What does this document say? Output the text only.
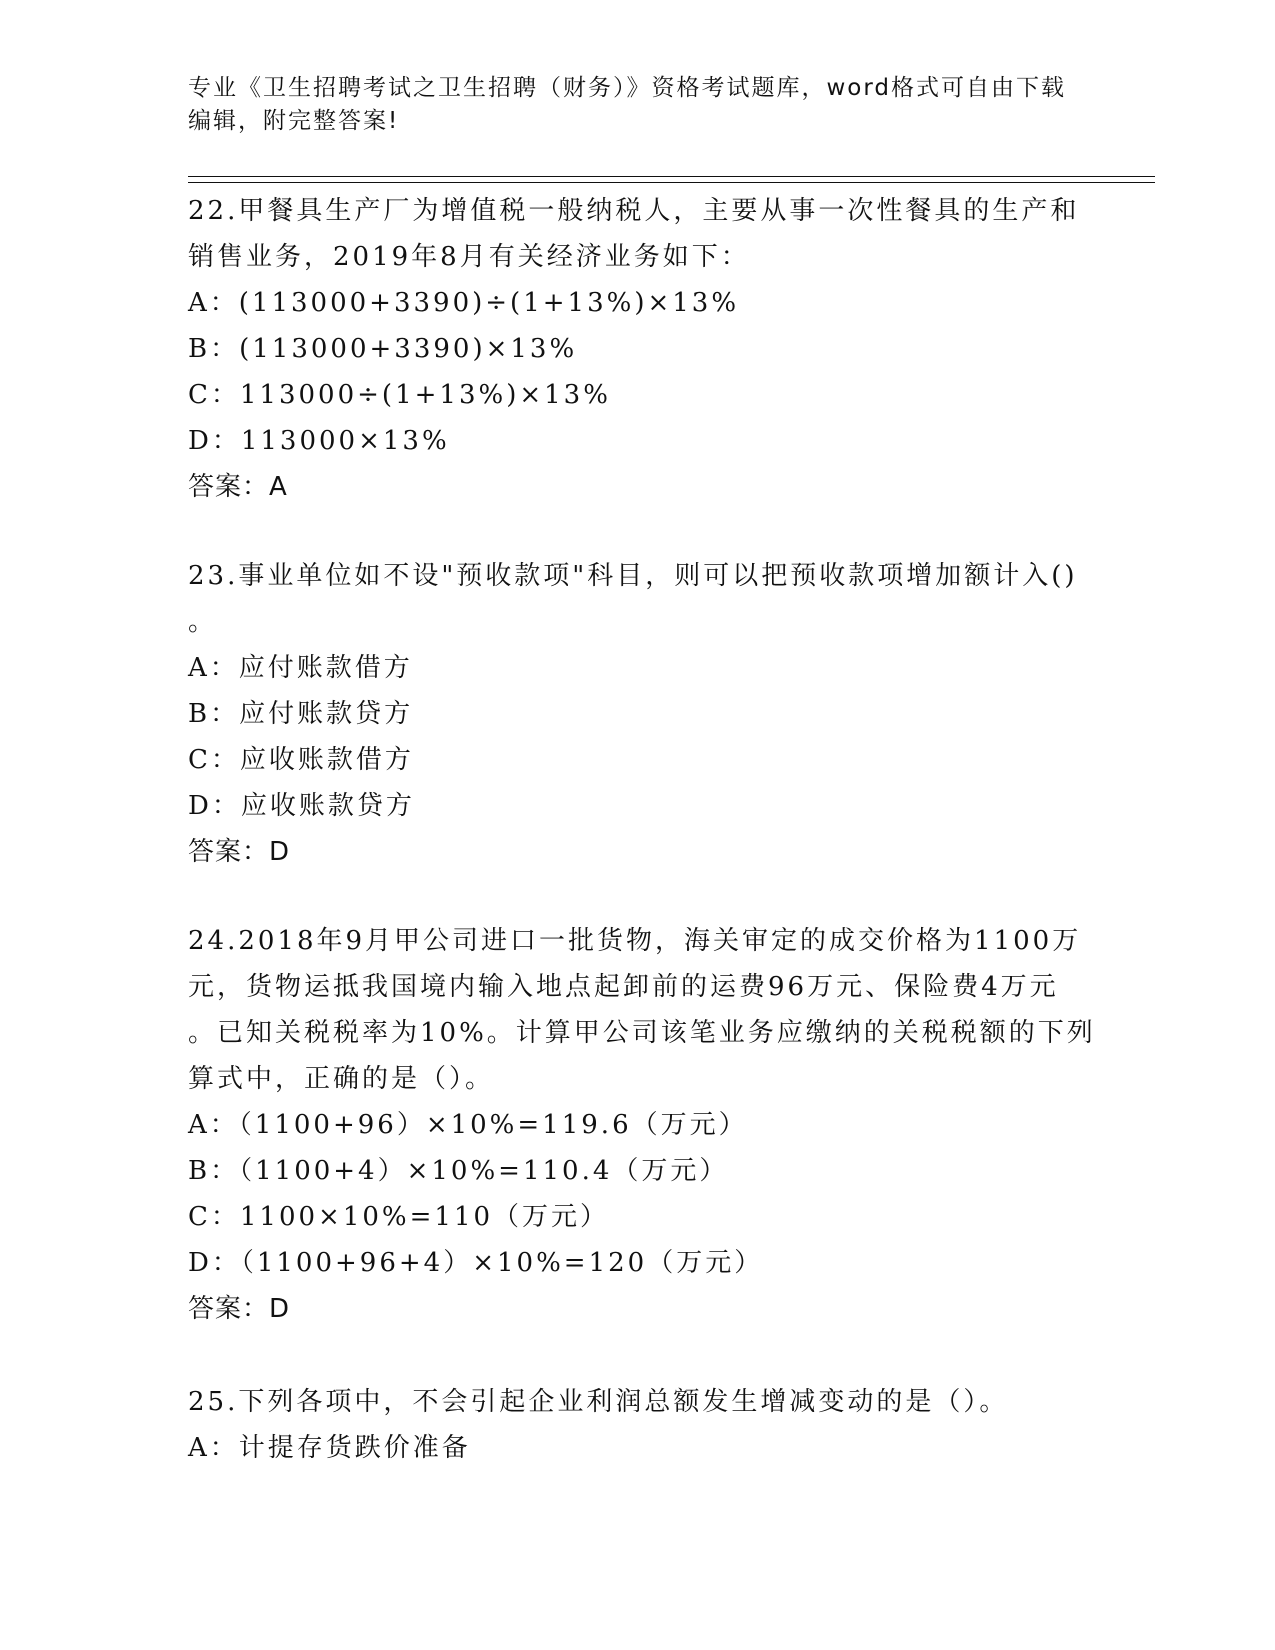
专业《卫生招聘考试之卫生招聘（财务）》资格考试题库，word格式可自由下载
编辑，附完整答案!
22.甲餐具生产厂为增值税一般纳税人，主要从事一次性餐具的生产和
销售业务，2019年8月有关经济业务如下：
A：(113000+3390)÷(1+13%)×13%
B：(113000+3390)×13%
C：113000÷(1+13%)×13%
D：113000×13%
答案：A
23.事业单位如不设"预收款项"科目，则可以把预收款项增加额计入()
。
A：应付账款借方
B：应付账款贷方
C：应收账款借方
D：应收账款贷方
答案：D
24.2018年9月甲公司进口一批货物，海关审定的成交价格为1100万
元，货物运抵我国境内输入地点起卸前的运费96万元、保险费4万元
。已知关税税率为10%。计算甲公司该笔业务应缴纳的关税税额的下列
算式中，正确的是（）。
A：（1100+96）×10%=119.6（万元）
B：（1100+4）×10%=110.4（万元）
C：1100×10%=110（万元）
D：（1100+96+4）×10%=120（万元）
答案：D
25.下列各项中，不会引起企业利润总额发生增减变动的是（）。
A：计提存货跌价准备
